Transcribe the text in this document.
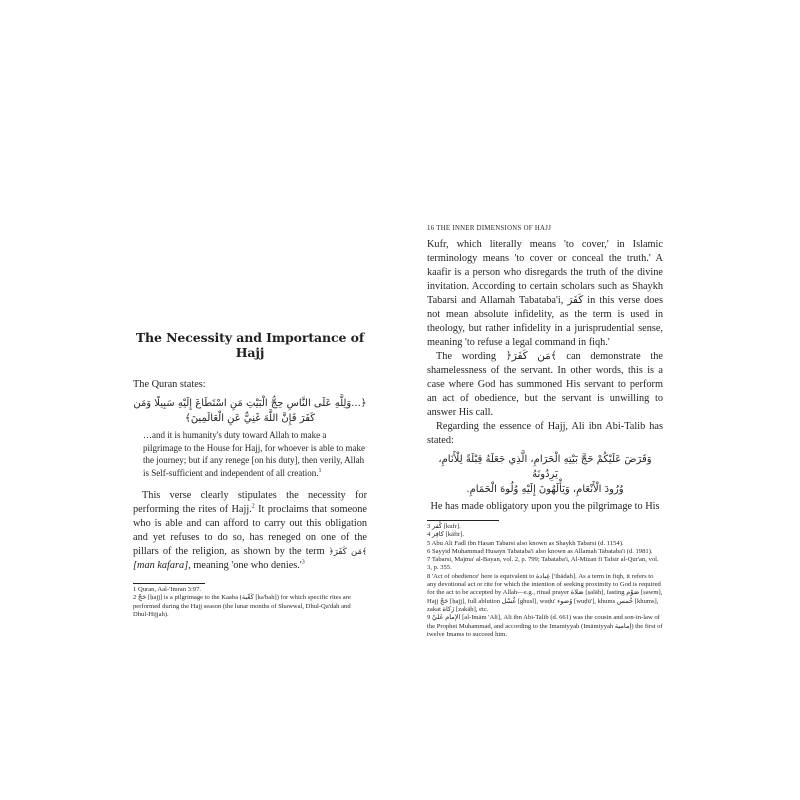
The Necessity and Importance of Hajj

The Quran states:

﴿...وَلِلَّهِ عَلَى النَّاسِ حِجُّ الْبَيْتِ مَنِ اسْتَطَاعَ إِلَيْهِ سَبِيلًا وَمَن
كَفَرَ فَإِنَّ اللَّهَ غَنِيٌّ عَنِ الْعَالَمِينَ﴾

…and it is humanity's duty toward Allah to make a pilgrimage to the House for Hajj, for whoever is able to make the journey; but if any renege [on his duty], then verily, Allah is Self-sufficient and independent of all creation.$^1$

This verse clearly stipulates the necessity for performing the rites of Hajj.$^2$ It proclaims that someone who is able and can afford to carry out this obligation and yet refuses to do so, has reneged on one of the pillars of the religion, as shown by the term ﴿مَن كَفَرَ﴾ [man kafara], meaning 'one who $denies.'^3$

1 Quran, Aal-'Imran 3:97.

2 حَجّ [ḥajj] is a pilgrimage to the Kaaba (كَعْبة [ka'bah]) for which specific rites are performed during the Hajj season (the lunar months of Shawwal, Dhul-Qa'dah and Dhul-Hijjah).

16 THE INNER DIMENSIONS OF HAJJ

Kufr, which literally means 'to cover,' in Islamic terminology means 'to cover or conceal the truth.' A kaafir is a person who disregards the truth of the divine invitation. According to certain scholars such as Shaykh Tabarsi and Allamah Tabataba'i, كَفَرَ in this verse does not mean absolute infidelity, as the term is used in theology, but rather infidelity in a jurisprudential sense, meaning 'to refuse a legal command in fiqh.'

The wording ﴿مَن كَفَرَ﴾ can demonstrate the shamelessness of the servant. In other words, this is a case where God has summoned His servant to perform an act of obedience, but the servant is unwilling to answer His call.

Regarding the essence of Hajj, Ali ibn Abi-Talib has stated:

وَفَرَضَ عَلَيْكُمْ حَجَّ بَيْتِهِ الْحَرَامِ، الَّذِي جَعَلَهُ قِبْلَةً لِلْأَنَامِ، يَرِدُونَهُ
وُرُودَ الْأَنْعَامِ، وَيَأْلَهُونَ إِلَيْهِ وُلُوهَ الْحَمَامِ.

He has made obligatory upon you the pilgrimage to His

3 كُفر [kufr].

4 كافِر [kāfir].

5 Abu Ali Fadl ibn Hasan Tabarsi also known as Shaykh Tabarsi (d. 1154).

6 Sayyid Muhammad Husayn Tabataba'i also known as Allamah Tabataba'i (d. 1981).

7 Tabarsi, Majma' al-Bayan, vol. 2, p. 799; Tabataba'i, Al-Mizan fi Tafsir al-Qur'an, vol. 3, p. 355.

8 'Act of obedience' here is equivalent to عِبادة ['ibādah]. As a term in fiqh, it refers to any devotional act or rite for which the intention of seeking proximity to God is required for the act to be accepted by Allah—e.g., ritual prayer صَلاة [ṣalāh], fasting صَوْم [ṣawm], Hajj حَجّ [ḥajj], full ablution غُسْل [ghusl], wuḍu' وُضوء [wuḍū'], khums خُمس [khums], zakat زَكاة [zakāh], etc.

9 الإمام عَليّ [al-Imām 'Alī], Ali ibn Abi-Talib (d. 661) was the cousin and son-in-law of the Prophet Muhammad, and according to the Imamiyyah (Imāmiyyah إمامية) the first of twelve Imams to succeed him.
